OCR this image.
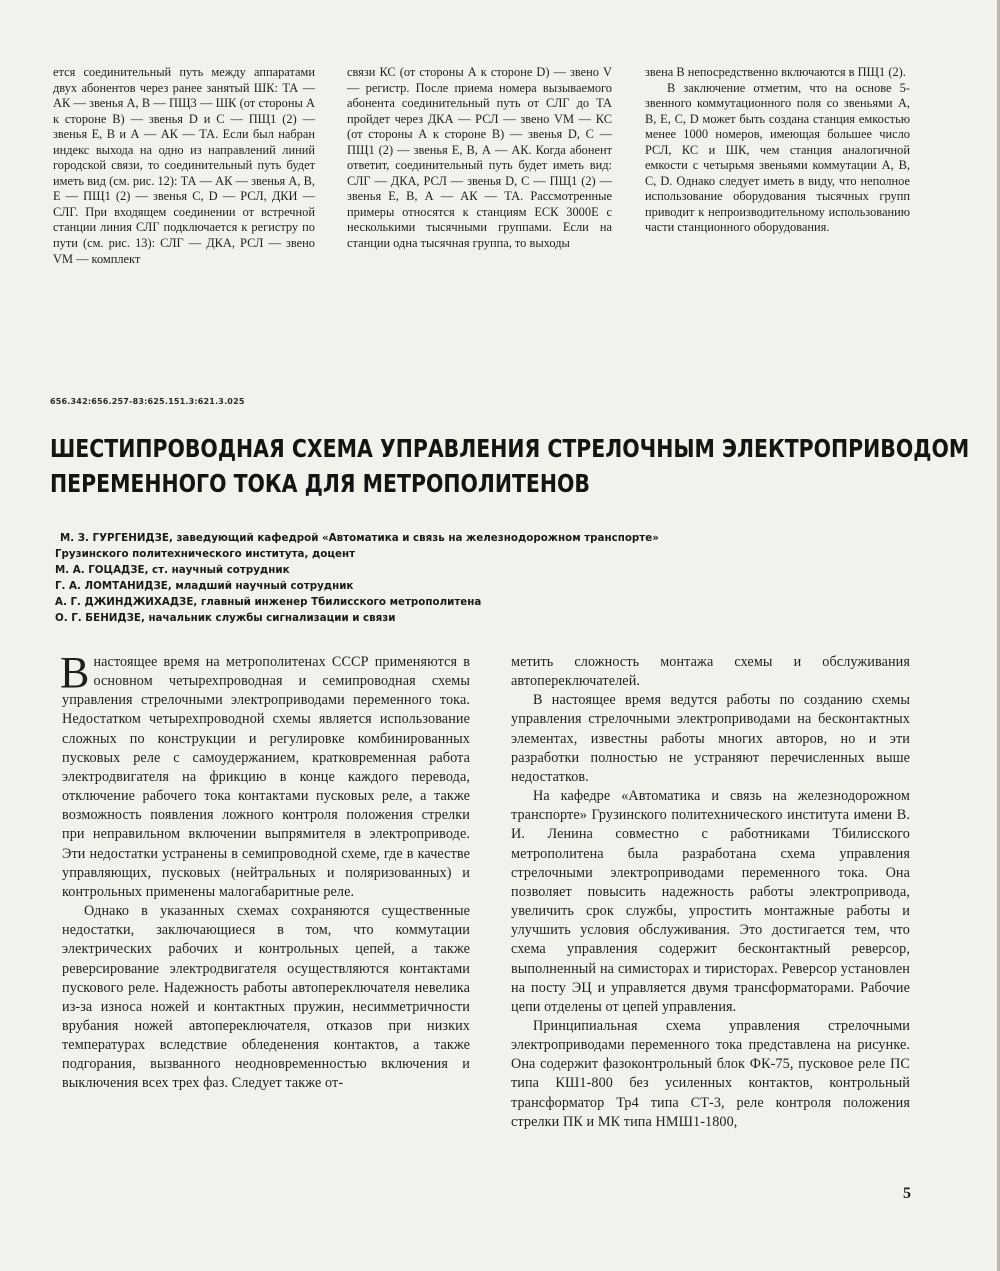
ется соединительный путь между аппаратами двух абонентов через ранее занятый ШК: ТА — АК — звенья А, В — ПЩ3 — ШК (от стороны А к стороне В) — звенья D и С — ПЩ1 (2) — звенья Е, В и А — АК — ТА. Если был набран индекс выхода на одно из направлений линий городской связи, то соединительный путь будет иметь вид (см. рис. 12): ТА — АК — звенья А, В, Е — ПЩ1 (2) — звенья С, D — РСЛ, ДКИ — СЛГ. При входящем соединении от встречной станции линия СЛГ подключается к регистру по пути (см. рис. 13): СЛГ — ДКА, РСЛ — звено VM — комплект

связи КС (от стороны А к стороне D) — звено V — регистр. После приема номера вызываемого абонента соединительный путь от СЛГ до ТА пройдет через ДКА — РСЛ — звено VM — КС (от стороны А к стороне В) — звенья D, С — ПЩ1 (2) — звенья Е, В, А — АК. Когда абонент ответит, соединительный путь будет иметь вид: СЛГ — ДКА, РСЛ — звенья D, С — ПЩ1 (2) — звенья Е, В, А — АК — ТА. Рассмотренные примеры относятся к станциям ЕСК 3000Е с несколькими тысячными группами. Если на станции одна тысячная группа, то выходы

звена В непосредственно включаются в ПЩ1 (2).

В заключение отметим, что на основе 5-звенного коммутационного поля со звеньями А, В, Е, С, D может быть создана станция емкостью менее 1000 номеров, имеющая большее число РСЛ, КС и ШК, чем станция аналогичной емкости с четырьмя звеньями коммутации А, В, С, D. Однако следует иметь в виду, что неполное использование оборудования тысячных групп приводит к непроизводительному использованию части станционного оборудования.

656.342:656.257-83:625.151.3:621.3.025

ШЕСТИПРОВОДНАЯ СХЕМА УПРАВЛЕНИЯ СТРЕЛОЧНЫМ ЭЛЕКТРОПРИВОДОМ
ПЕРЕМЕННОГО ТОКА ДЛЯ МЕТРОПОЛИТЕНОВ
М. З. ГУРГЕНИДЗЕ, заведующий кафедрой «Автоматика и связь на железнодорожном транспорте»
Грузинского политехнического института, доцент
М. А. ГОЦАДЗЕ, ст. научный сотрудник
Г. А. ЛОМТАНИДЗЕ, младший научный сотрудник
А. Г. ДЖИНДЖИХАДЗЕ, главный инженер Тбилисского метрополитена
О. Г. БЕНИДЗЕ, начальник службы сигнализации и связи

В настоящее время на метрополитенах СССР применяются в основном четырехпроводная и семипроводная схемы управления стрелочными электроприводами переменного тока. Недостатком четырехпроводной схемы является использование сложных по конструкции и регулировке комбинированных пусковых реле с самоудержанием, кратковременная работа электродвигателя на фрикцию в конце каждого перевода, отключение рабочего тока контактами пусковых реле, а также возможность появления ложного контроля положения стрелки при неправильном включении выпрямителя в электроприводе. Эти недостатки устранены в семипроводной схеме, где в качестве управляющих, пусковых (нейтральных и поляризованных) и контрольных применены малогабаритные реле.

Однако в указанных схемах сохраняются существенные недостатки, заключающиеся в том, что коммутации электрических рабочих и контрольных цепей, а также реверсирование электродвигателя осуществляются контактами пускового реле. Надежность работы автопереключателя невелика из-за износа ножей и контактных пружин, несимметричности врубания ножей автопереключателя, отказов при низких температурах вследствие обледенения контактов, а также подгорания, вызванного неодновременностью включения и выключения всех трех фаз. Следует также от-

метить сложность монтажа схемы и обслуживания автопереключателей.

В настоящее время ведутся работы по созданию схемы управления стрелочными электроприводами на бесконтактных элементах, известны работы многих авторов, но и эти разработки полностью не устраняют перечисленных выше недостатков.

На кафедре «Автоматика и связь на железнодорожном транспорте» Грузинского политехнического института имени В. И. Ленина совместно с работниками Тбилисского метрополитена была разработана схема управления стрелочными электроприводами переменного тока. Она позволяет повысить надежность работы электропривода, увеличить срок службы, упростить монтажные работы и улучшить условия обслуживания. Это достигается тем, что схема управления содержит бесконтактный реверсор, выполненный на симисторах и тиристорах. Реверсор установлен на посту ЭЦ и управляется двумя трансформаторами. Рабочие цепи отделены от цепей управления.

Принципиальная схема управления стрелочными электроприводами переменного тока представлена на рисунке. Она содержит фазоконтрольный блок ФК-75, пусковое реле ПС типа КШ1-800 без усиленных контактов, контрольный трансформатор Тр4 типа СТ-3, реле контроля положения стрелки ПК и МК типа НМШ1-1800,

5
